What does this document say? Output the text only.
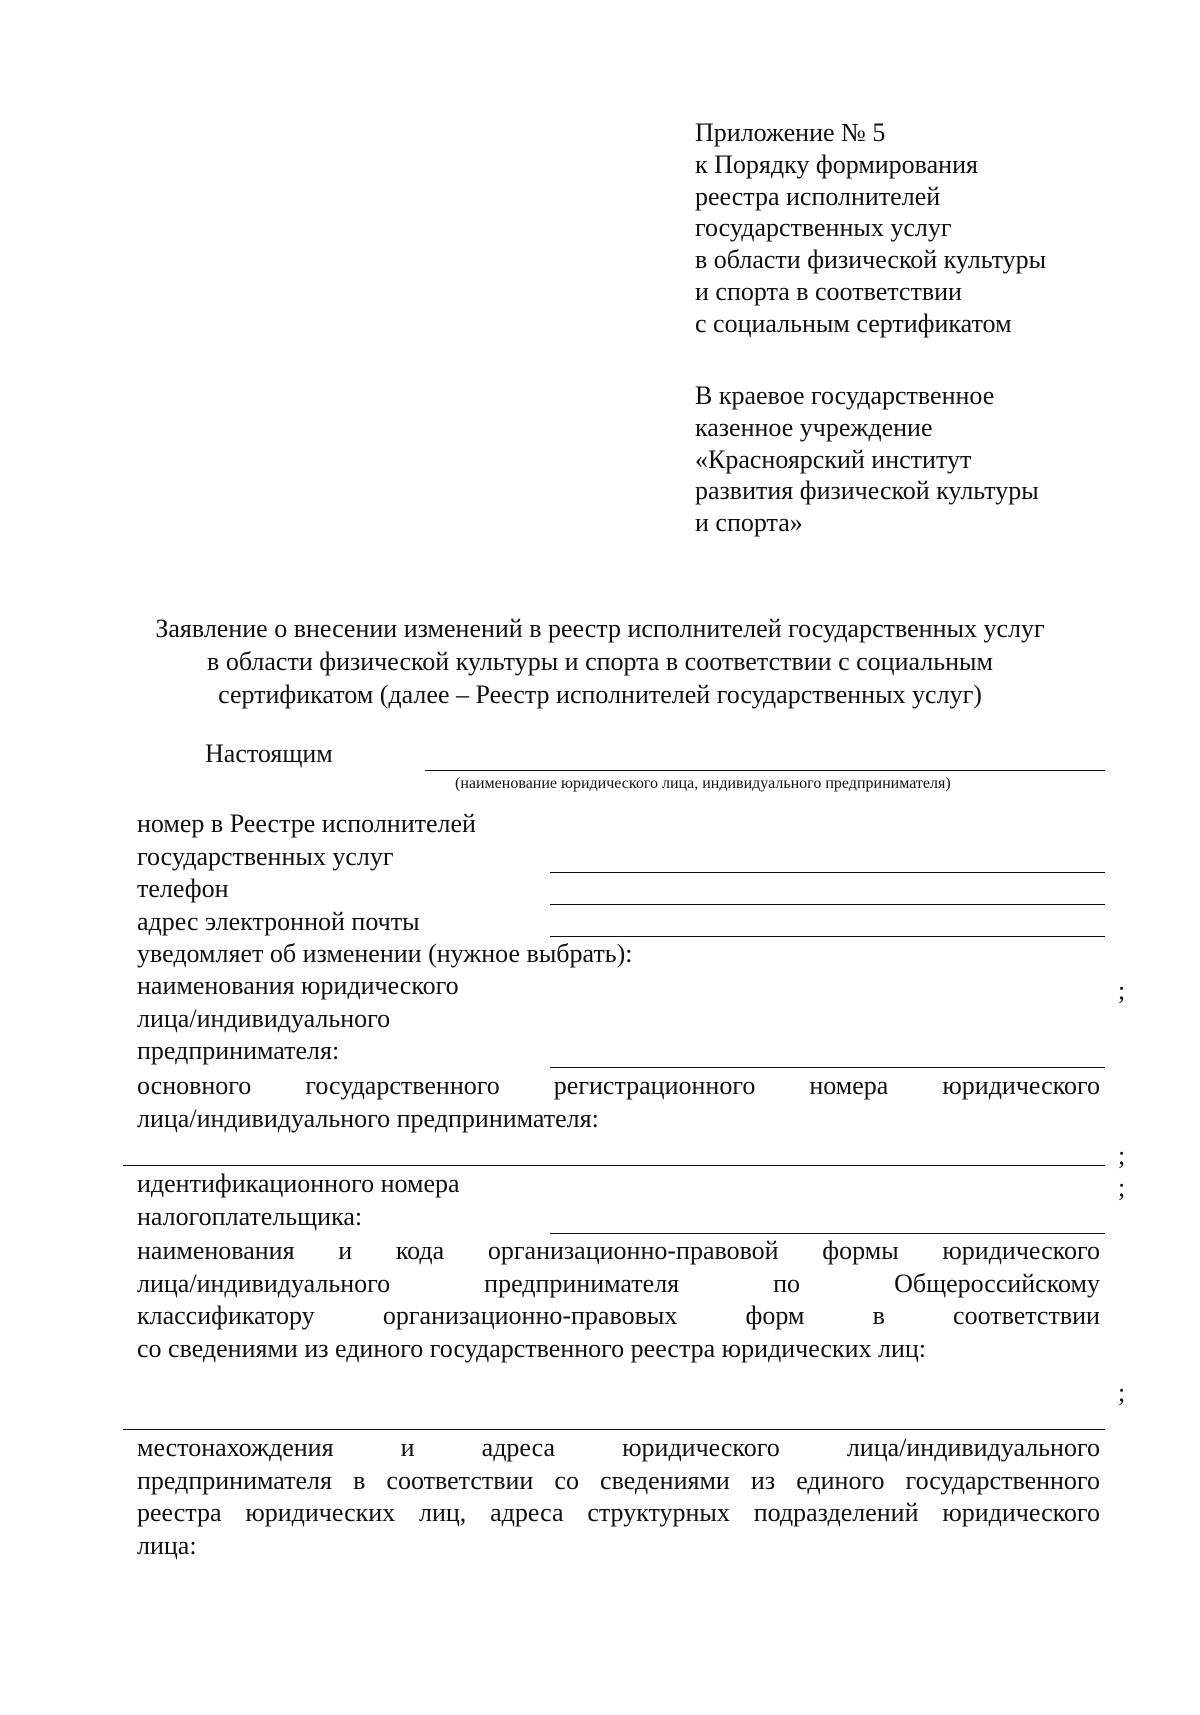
Приложение № 5
к Порядку формирования
реестра исполнителей
государственных услуг
в области физической культуры
и спорта в соответствии
с социальным сертификатом
В краевое государственное
казенное учреждение
«Красноярский институт
развития физической культуры
и спорта»
Заявление о внесении изменений в реестр исполнителей государственных услуг
в области физической культуры и спорта в соответствии с социальным
сертификатом (далее – Реестр исполнителей государственных услуг)
Настоящим
(наименование юридического лица, индивидуального предпринимателя)
номер в Реестре исполнителей
государственных услуг
телефон
адрес электронной почты
уведомляет об изменении (нужное выбрать):
наименования юридического	;
лица/индивидуального
предпринимателя:
основного государственного регистрационного номера юридического
лица/индивидуального предпринимателя:
;
идентификационного номера	;
налогоплательщика:
наименования и кода организационно-правовой формы юридического
лица/индивидуального	предпринимателя	по	Общероссийскому
классификатору	организационно-правовых	форм	в	соответствии
со сведениями из единого государственного реестра юридических лиц:
;
местонахождения	и	адреса	юридического	лица/индивидуального
предпринимателя в соответствии со сведениями из единого государственного
реестра юридических лиц, адреса структурных подразделений юридического
лица:
